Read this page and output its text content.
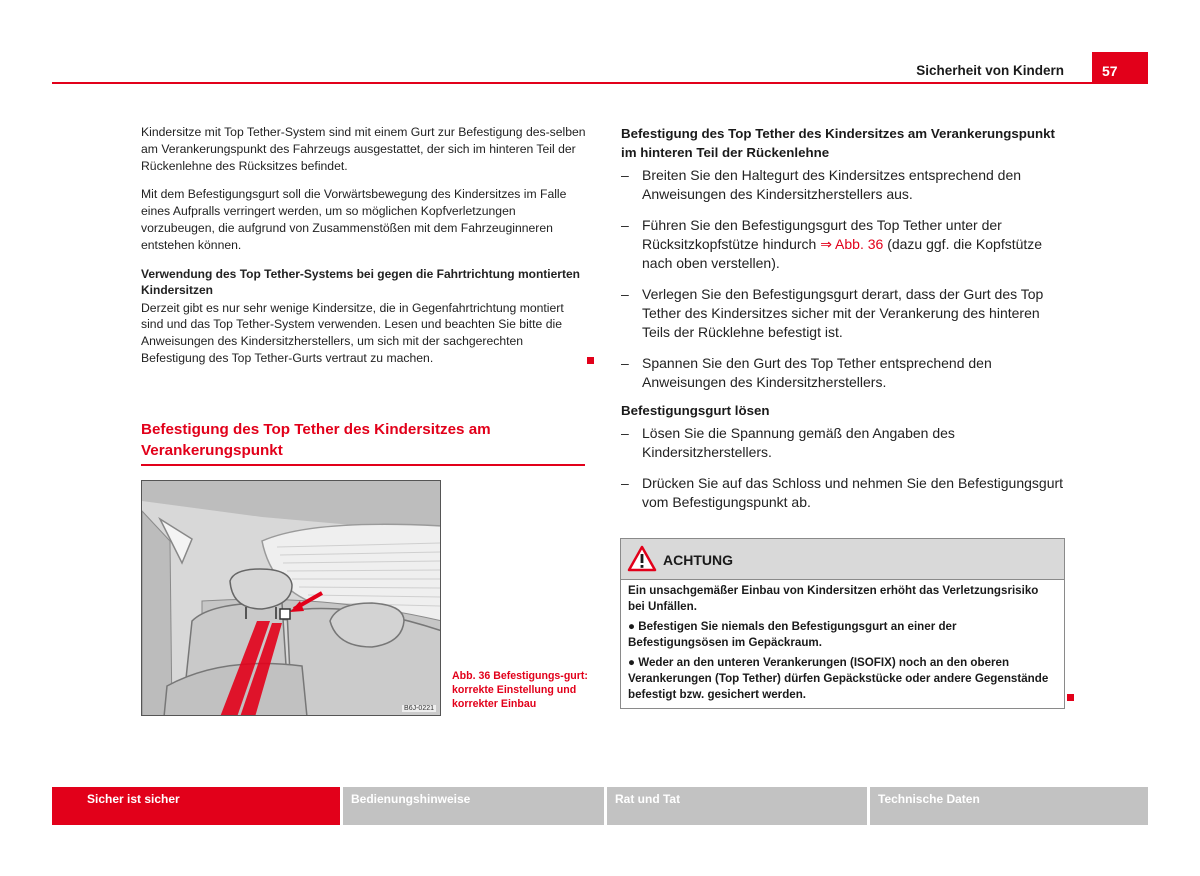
Sicherheit von Kindern	57

Kindersitze mit Top Tether-System sind mit einem Gurt zur Befestigung des-selben am Verankerungspunkt des Fahrzeugs ausgestattet, der sich im hinteren Teil der Rückenlehne des Rücksitzes befindet.

Mit dem Befestigungsgurt soll die Vorwärtsbewegung des Kindersitzes im Falle eines Aufpralls verringert werden, um so möglichen Kopfverletzungen vorzubeugen, die aufgrund von Zusammenstößen mit dem Fahrzeuginneren entstehen können.

Verwendung des Top Tether-Systems bei gegen die Fahrtrichtung montierten Kindersitzen

Derzeit gibt es nur sehr wenige Kindersitze, die in Gegenfahrtrichtung montiert sind und das Top Tether-System verwenden. Lesen und beachten Sie bitte die Anweisungen des Kindersitzherstellers, um sich mit der sachgerechten Befestigung des Top Tether-Gurts vertraut zu machen.

Befestigung des Top Tether des Kindersitzes am Verankerungspunkt
B6J-0221
Abb. 36 Befestigungs-gurt: korrekte Einstellung und korrekter Einbau

Befestigung des Top Tether des Kindersitzes am Verankerungspunkt im hinteren Teil der Rückenlehne

– Breiten Sie den Haltegurt des Kindersitzes entsprechend den Anweisungen des Kindersitzherstellers aus.
– Führen Sie den Befestigungsgurt des Top Tether unter der Rücksitzkopfstütze hindurch ⇒ Abb. 36 (dazu ggf. die Kopfstütze nach oben verstellen).
– Verlegen Sie den Befestigungsgurt derart, dass der Gurt des Top Tether des Kindersitzes sicher mit der Verankerung des hinteren Teils der Rücklehne befestigt ist.
– Spannen Sie den Gurt des Top Tether entsprechend den Anweisungen des Kindersitzherstellers.

Befestigungsgurt lösen

– Lösen Sie die Spannung gemäß den Angaben des Kindersitzherstellers.
– Drücken Sie auf das Schloss und nehmen Sie den Befestigungsgurt vom Befestigungspunkt ab.
ACHTUNG

Ein unsachgemäßer Einbau von Kindersitzen erhöht das Verletzungsrisiko bei Unfällen.

● Befestigen Sie niemals den Befestigungsgurt an einer der Befestigungsösen im Gepäckraum.

● Weder an den unteren Verankerungen (ISOFIX) noch an den oberen Verankerungen (Top Tether) dürfen Gepäckstücke oder andere Gegenstände befestigt bzw. gesichert werden.

Sicher ist sicher	Bedienungshinweise	Rat und Tat	Technische Daten
